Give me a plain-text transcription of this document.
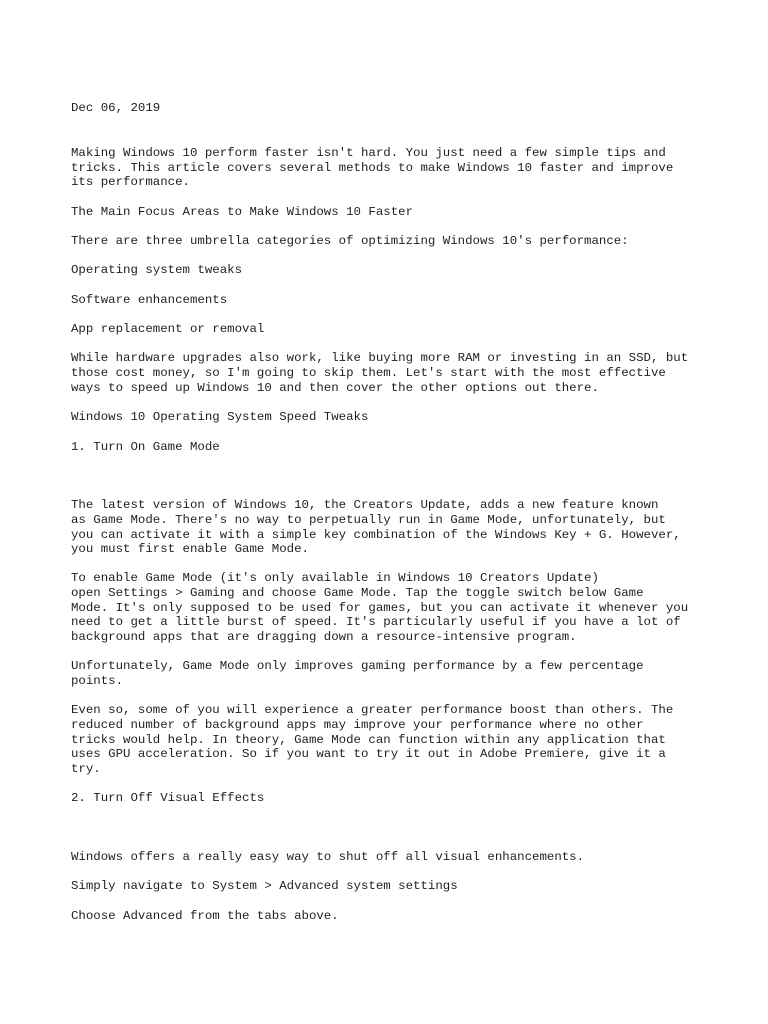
Dec 06, 2019

Making Windows 10 perform faster isn't hard. You just need a few simple tips and

tricks. This article covers several methods to make Windows 10 faster and improve

its performance.

The Main Focus Areas to Make Windows 10 Faster

There are three umbrella categories of optimizing Windows 10's performance:

Operating system tweaks

Software enhancements

App replacement or removal

While hardware upgrades also work, like buying more RAM or investing in an SSD, but

those cost money, so I'm going to skip them. Let's start with the most effective

ways to speed up Windows 10 and then cover the other options out there.

Windows 10 Operating System Speed Tweaks

1. Turn On Game Mode

￼

The latest version of Windows 10, the Creators Update, adds a new feature known

as Game Mode. There's no way to perpetually run in Game Mode, unfortunately, but

you can activate it with a simple key combination of the Windows Key + G. However,

you must first enable Game Mode.

To enable Game Mode (it's only available in Windows 10 Creators Update)

open Settings > Gaming and choose Game Mode. Tap the toggle switch below Game

Mode. It's only supposed to be used for games, but you can activate it whenever you

need to get a little burst of speed. It's particularly useful if you have a lot of

background apps that are dragging down a resource-intensive program.

Unfortunately, Game Mode only improves gaming performance by a few percentage

points.

Even so, some of you will experience a greater performance boost than others. The

reduced number of background apps may improve your performance where no other

tricks would help. In theory, Game Mode can function within any application that

uses GPU acceleration. So if you want to try it out in Adobe Premiere, give it a

try.

2. Turn Off Visual Effects

￼

Windows offers a really easy way to shut off all visual enhancements.

Simply navigate to System > Advanced system settings

Choose Advanced from the tabs above.
